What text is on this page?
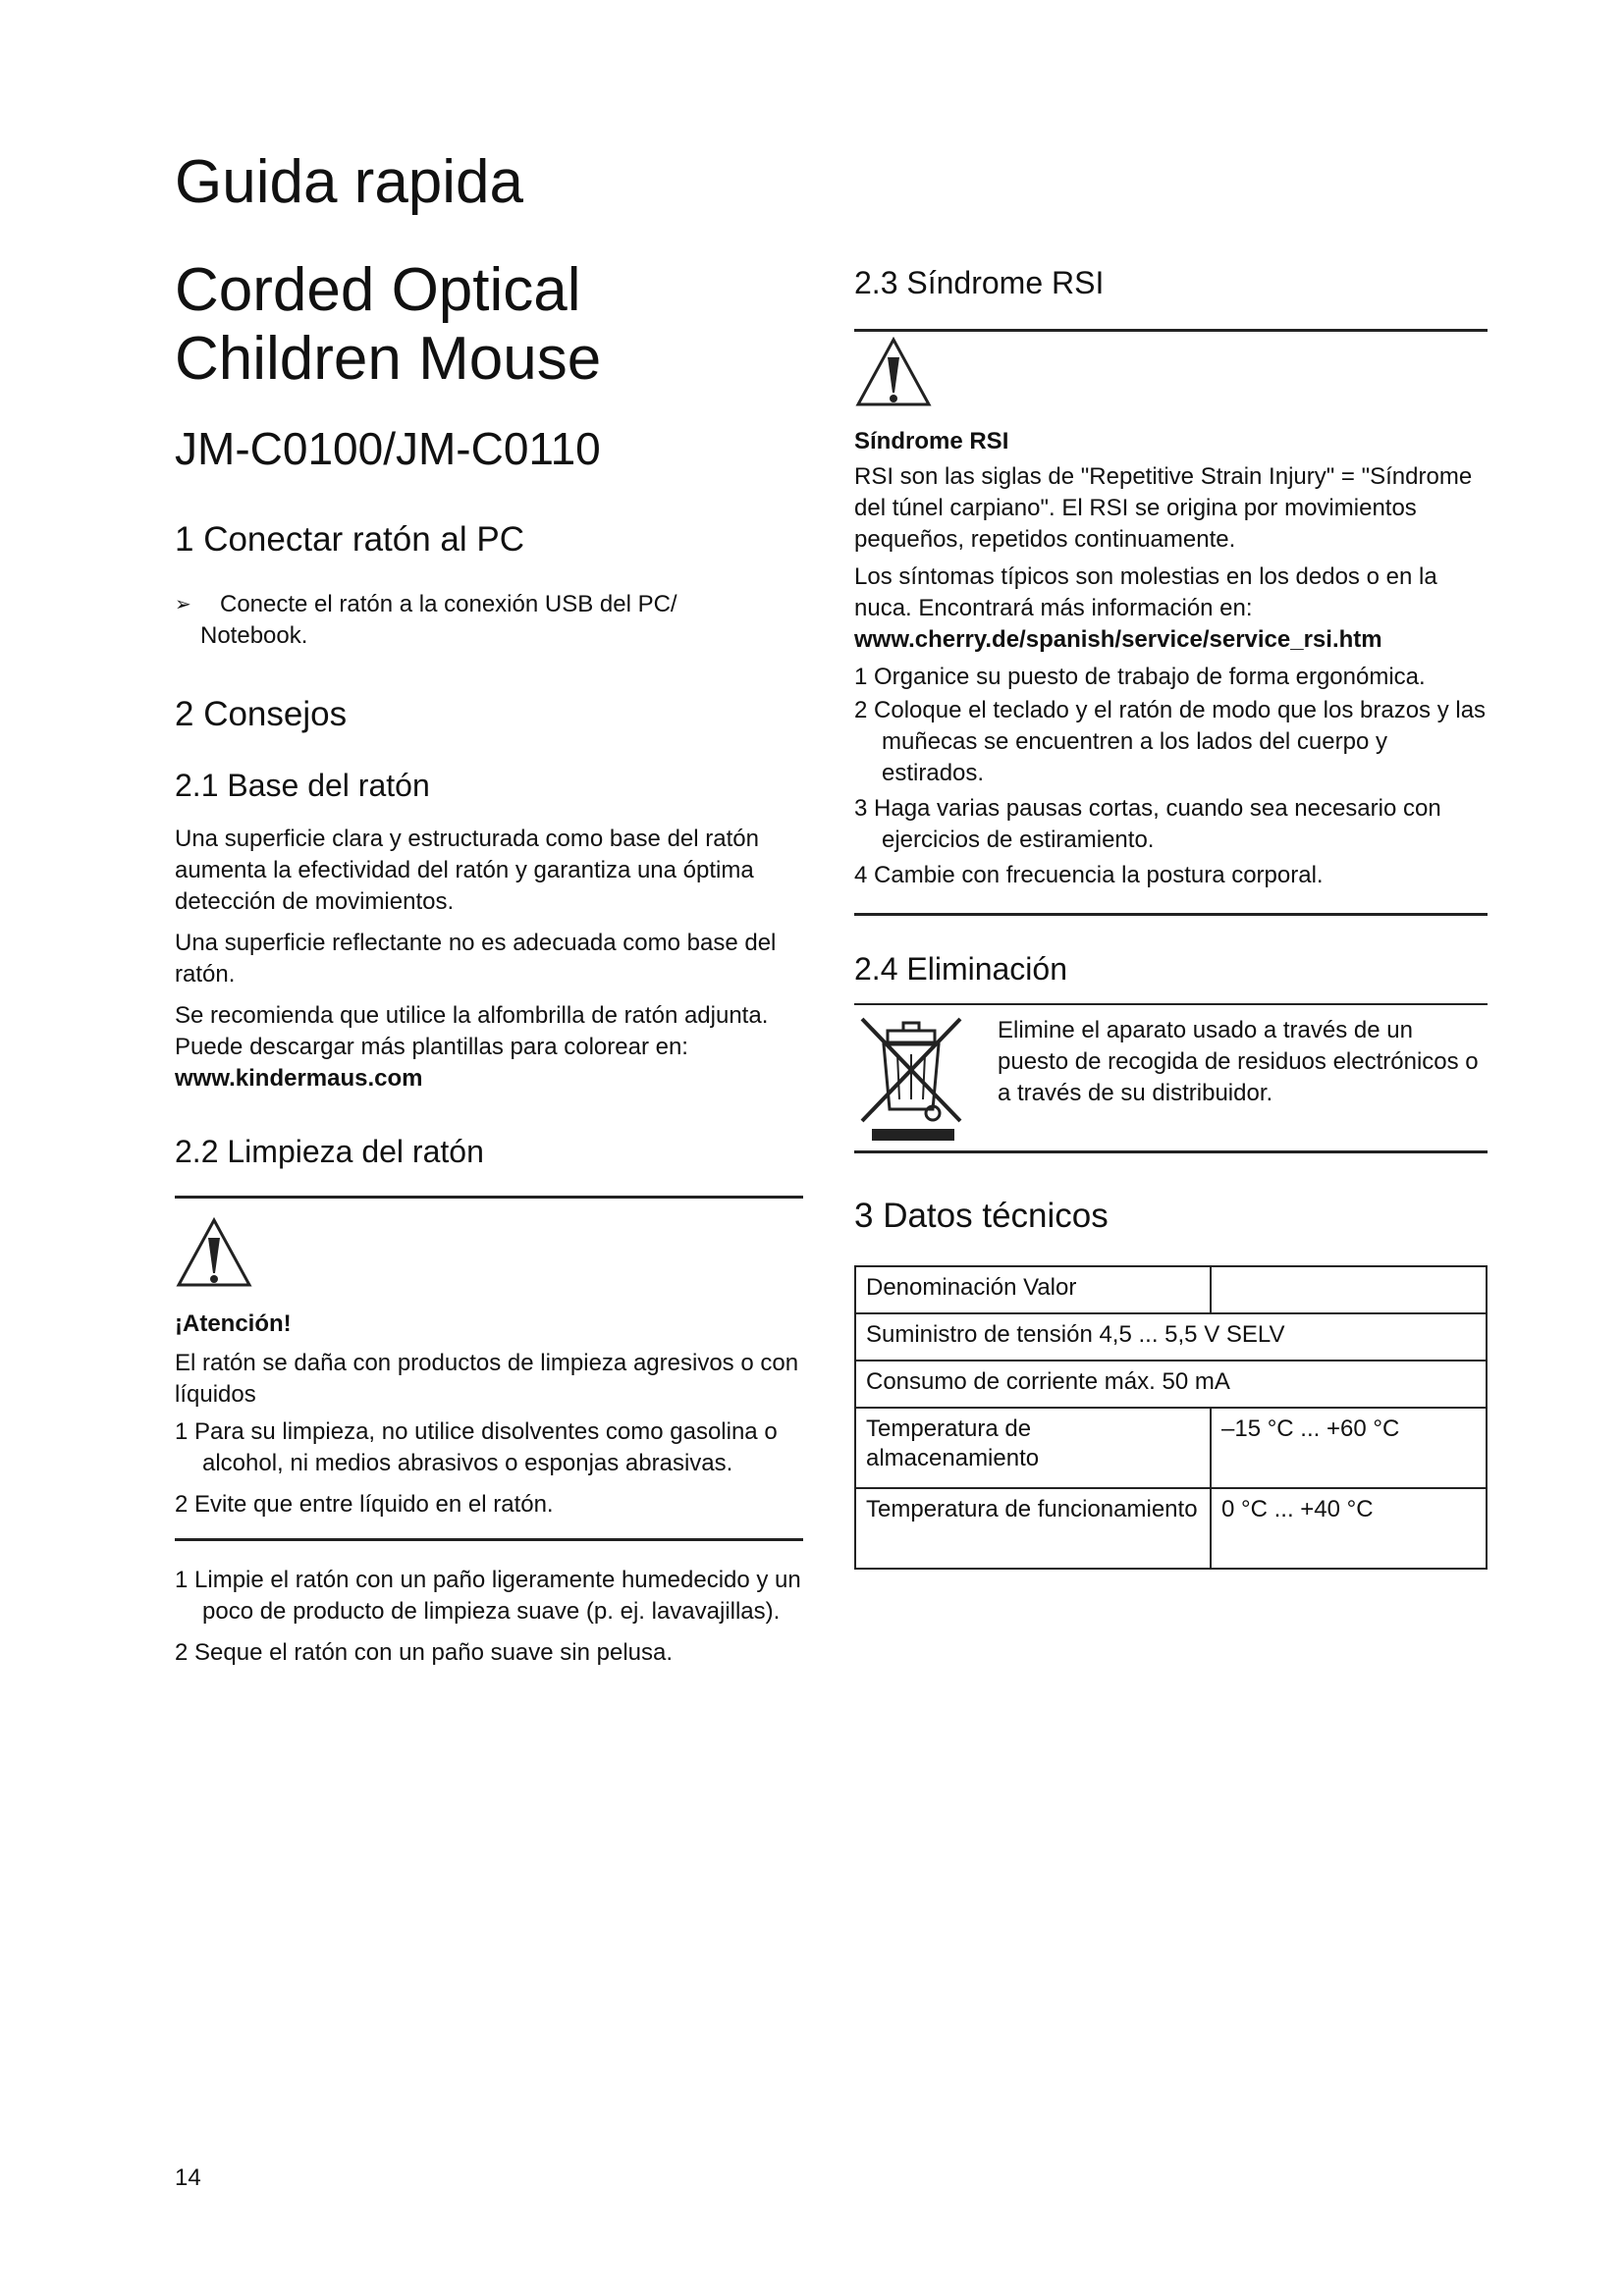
Guida rapida
Corded Optical
Children Mouse
JM-C0100/JM-C0110
1 Conectar ratón al PC
➢	Conecte el ratón a la conexión USB del PC/
Notebook.
2 Consejos
2.1 Base del ratón

Una superficie clara y estructurada como base del ratón aumenta la efectividad del ratón y garantiza una óptima detección de movimientos.

Una superficie reflectante no es adecuada como base del ratón.

Se recomienda que utilice la alfombrilla de ratón adjunta. Puede descargar más plantillas para colorear en: www.kindermaus.com

2.2 Limpieza del ratón

¡Atención!

El ratón se daña con productos de limpieza agresivos o con líquidos

1 Para su limpieza, no utilice disolventes como gasolina o alcohol, ni medios abrasivos o esponjas abrasivas.
2 Evite que entre líquido en el ratón.
1 Limpie el ratón con un paño ligeramente humedecido y un poco de producto de limpieza suave (p. ej. lavavajillas).
2 Seque el ratón con un paño suave sin pelusa.
2.3 Síndrome RSI

Síndrome RSI

RSI son las siglas de "Repetitive Strain Injury" = "Síndrome del túnel carpiano". El RSI se origina por movimientos pequeños, repetidos continuamente.

Los síntomas típicos son molestias en los dedos o en la nuca. Encontrará más información en:

www.cherry.de/spanish/service/service_rsi.htm

1 Organice su puesto de trabajo de forma ergonómica.
2 Coloque el teclado y el ratón de modo que los brazos y las muñecas se encuentren a los lados del cuerpo y estirados.
3 Haga varias pausas cortas, cuando sea necesario con ejercicios de estiramiento.
4 Cambie con frecuencia la postura corporal.
2.4 Eliminación

Elimine el aparato usado a través de un puesto de recogida de residuos electrónicos o a través de su distribuidor.

3 Datos técnicos
Denominación Valor	
Suministro de tensión 4,5 ... 5,5 V SELV	
Consumo de corriente máx. 50 mA	
Temperatura de almacenamiento	–15 °C ... +60 °C
Temperatura de funcionamiento	0 °C ... +40 °C
14
